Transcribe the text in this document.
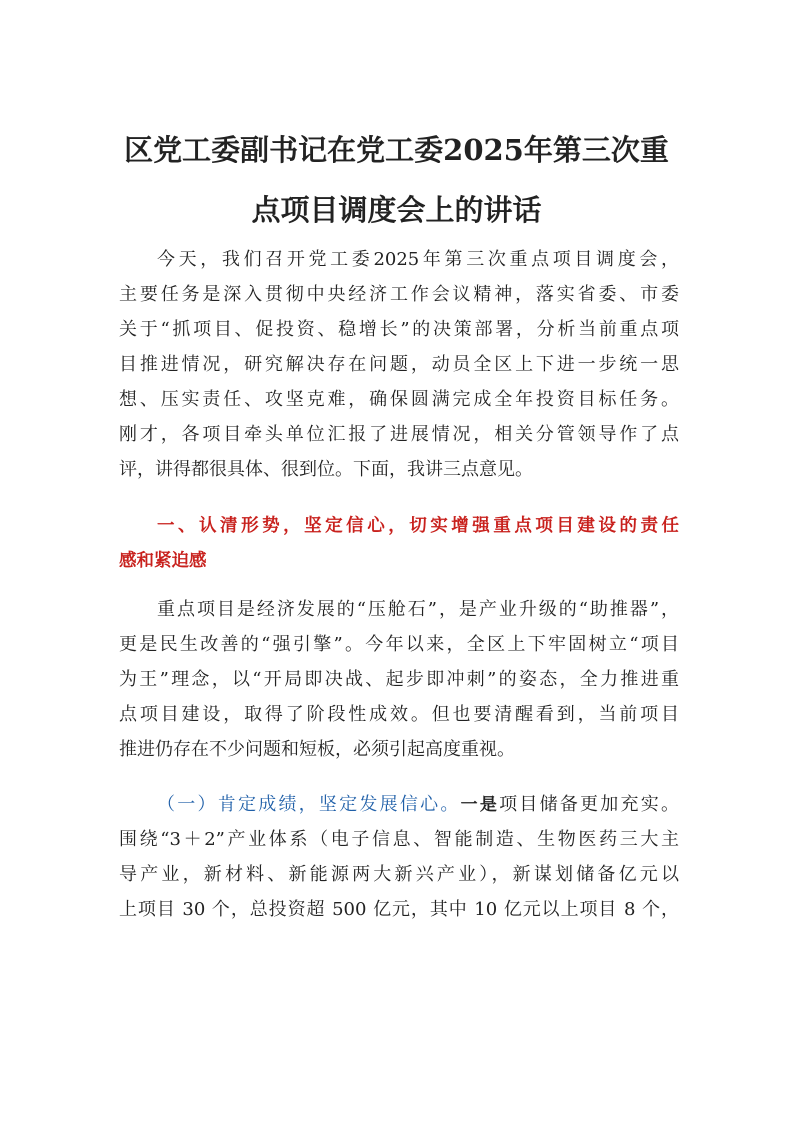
区党工委副书记在党工委2025年第三次重
点项目调度会上的讲话
今天，我们召开党工委2025年第三次重点项目调度会，
主要任务是深入贯彻中央经济工作会议精神，落实省委、市委
关于“抓项目、促投资、稳增长”的决策部署，分析当前重点项
目推进情况，研究解决存在问题，动员全区上下进一步统一思
想、压实责任、攻坚克难，确保圆满完成全年投资目标任务。
刚才，各项目牵头单位汇报了进展情况，相关分管领导作了点
评，讲得都很具体、很到位。下面，我讲三点意见。
一、认清形势，坚定信心，切实增强重点项目建设的责任
感和紧迫感
重点项目是经济发展的“压舱石”，是产业升级的“助推器”，
更是民生改善的“强引擎”。今年以来，全区上下牢固树立“项目
为王”理念，以“开局即决战、起步即冲刺”的姿态，全力推进重
点项目建设，取得了阶段性成效。但也要清醒看到，当前项目
推进仍存在不少问题和短板，必须引起高度重视。
（一）肯定成绩，坚定发展信心。一是项目储备更加充实。
围绕“3＋2”产业体系（电子信息、智能制造、生物医药三大主
导产业，新材料、新能源两大新兴产业），新谋划储备亿元以
上项目 30 个，总投资超 500 亿元，其中 10 亿元以上项目 8 个，
